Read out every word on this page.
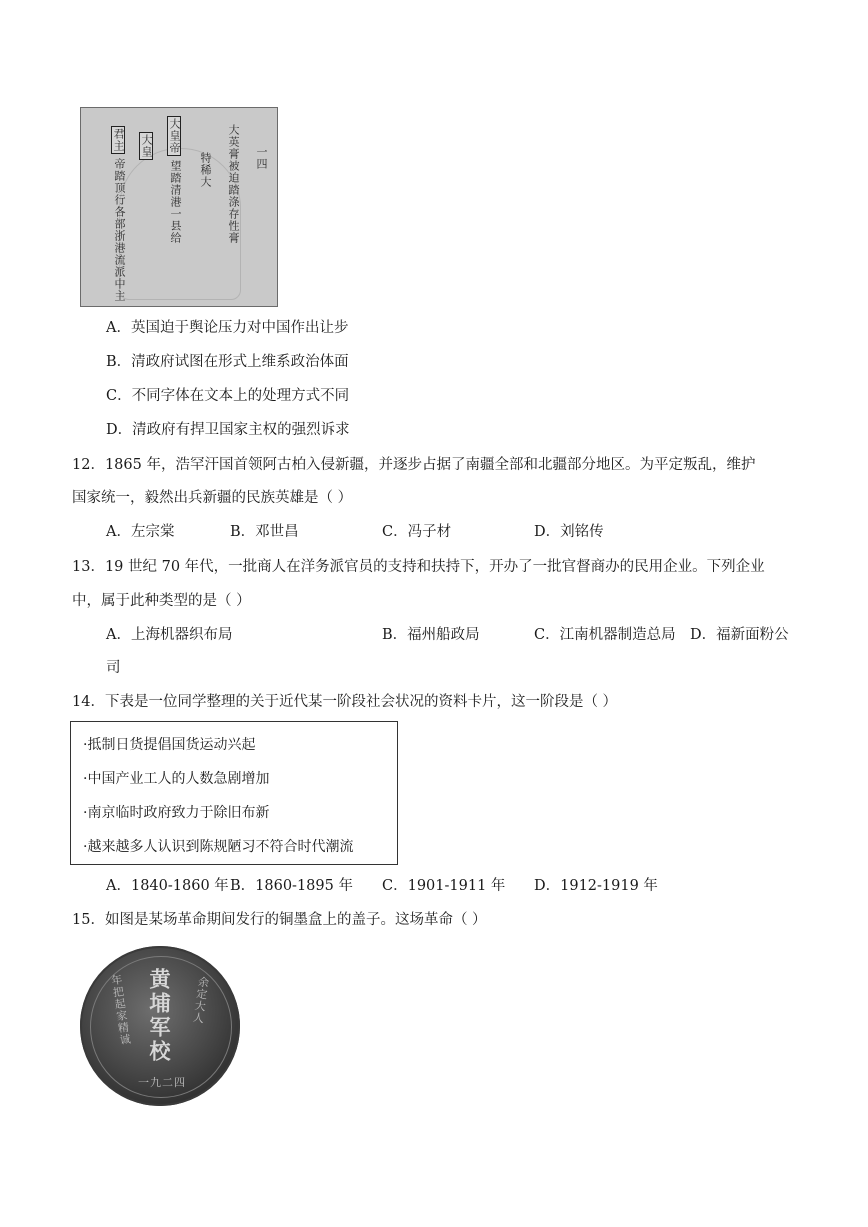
一四
大英膏被迫踏涤存性膏
特稀大
大皇帝
望踏清港一县给
大皇
君主
帝踏顶行各部浙港流派中主
A．英国迫于舆论压力对中国作出让步
B．清政府试图在形式上维系政治体面
C．不同字体在文本上的处理方式不同
D．清政府有捍卫国家主权的强烈诉求
12．1865 年，浩罕汗国首领阿古柏入侵新疆，并逐步占据了南疆全部和北疆部分地区。为平定叛乱，维护
国家统一，毅然出兵新疆的民族英雄是（ ）
A．左宗棠	B．邓世昌	C．冯子材	D．刘铭传
13．19 世纪 70 年代，一批商人在洋务派官员的支持和扶持下，开办了一批官督商办的民用企业。下列企业
中，属于此种类型的是（ ）
A．上海机器织布局	B．福州船政局	C．江南机器制造总局 D．福新面粉公
司
14．下表是一位同学整理的关于近代某一阶段社会状况的资料卡片，这一阶段是（ ）
·抵制日货提倡国货运动兴起
·中国产业工人的人数急剧增加
·南京临时政府致力于除旧布新
·越来越多人认识到陈规陋习不符合时代潮流
A．1840-1860 年 B．1860-1895 年 C．1901-1911 年 D．1912-1919 年
15．如图是某场革命期间发行的铜墨盒上的盖子。这场革命（ ）
年把起家精诚 黄埔军校 余定大人
一九二四
